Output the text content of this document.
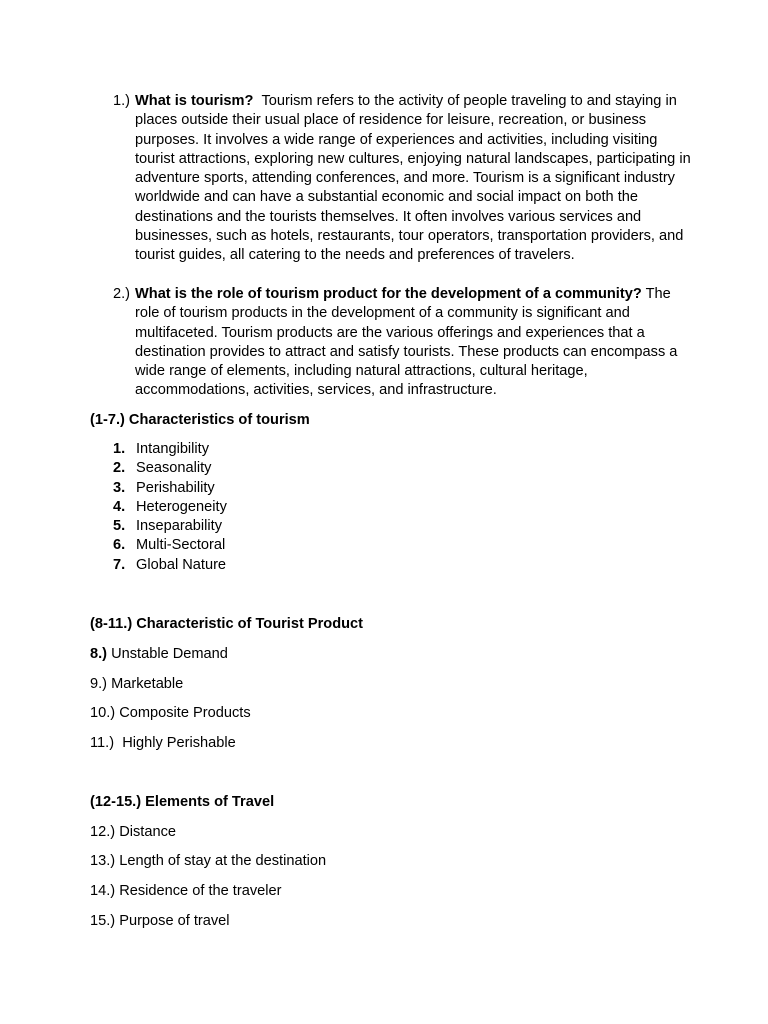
1.) What is tourism? Tourism refers to the activity of people traveling to and staying in places outside their usual place of residence for leisure, recreation, or business purposes. It involves a wide range of experiences and activities, including visiting tourist attractions, exploring new cultures, enjoying natural landscapes, participating in adventure sports, attending conferences, and more. Tourism is a significant industry worldwide and can have a substantial economic and social impact on both the destinations and the tourists themselves. It often involves various services and businesses, such as hotels, restaurants, tour operators, transportation providers, and tourist guides, all catering to the needs and preferences of travelers.
2.) What is the role of tourism product for the development of a community? The role of tourism products in the development of a community is significant and multifaceted. Tourism products are the various offerings and experiences that a destination provides to attract and satisfy tourists. These products can encompass a wide range of elements, including natural attractions, cultural heritage, accommodations, activities, services, and infrastructure.
(1-7.) Characteristics of tourism
1. Intangibility
2. Seasonality
3. Perishability
4. Heterogeneity
5. Inseparability
6. Multi-Sectoral
7. Global Nature
(8-11.) Characteristic of Tourist Product
8.) Unstable Demand
9.) Marketable
10.) Composite Products
11.)  Highly Perishable
(12-15.) Elements of Travel
12.) Distance
13.) Length of stay at the destination
14.) Residence of the traveler
15.) Purpose of travel
